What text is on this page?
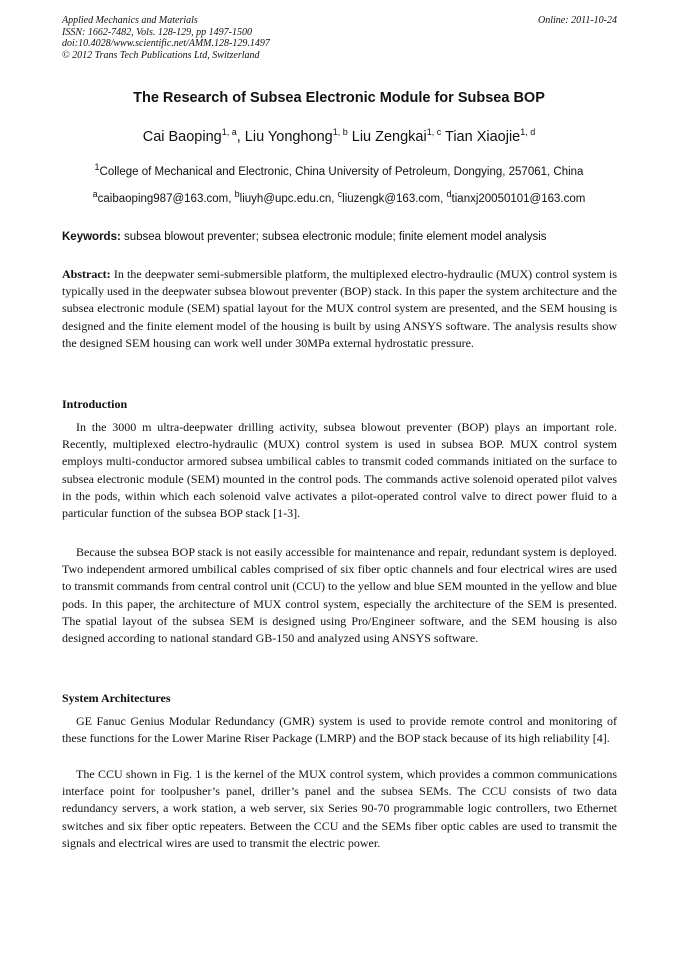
Applied Mechanics and Materials
ISSN: 1662-7482, Vols. 128-129, pp 1497-1500
doi:10.4028/www.scientific.net/AMM.128-129.1497
© 2012 Trans Tech Publications Ltd, Switzerland
Online: 2011-10-24
The Research of Subsea Electronic Module for Subsea BOP
Cai Baoping$^{1, a}$, Liu Yonghong$^{1, b}$ Liu Zengkai$^{1, c}$ Tian Xiaojie$^{1, d}$
$^1$College of Mechanical and Electronic, China University of Petroleum, Dongying, 257061, China
$^a$caibaoping987@163.com, $^b$liuyh@upc.edu.cn, $^c$liuzengk@163.com, $^d$tianxj20050101@163.com
Keywords: subsea blowout preventer; subsea electronic module; finite element model analysis
Abstract: In the deepwater semi-submersible platform, the multiplexed electro-hydraulic (MUX) control system is typically used in the deepwater subsea blowout preventer (BOP) stack. In this paper the system architecture and the subsea electronic module (SEM) spatial layout for the MUX control system are presented, and the SEM housing is designed and the finite element model of the housing is built by using ANSYS software. The analysis results show the designed SEM housing can work well under 30MPa external hydrostatic pressure.
Introduction
In the 3000 m ultra-deepwater drilling activity, subsea blowout preventer (BOP) plays an important role. Recently, multiplexed electro-hydraulic (MUX) control system is used in subsea BOP. MUX control system employs multi-conductor armored subsea umbilical cables to transmit coded commands initiated on the surface to subsea electronic module (SEM) mounted in the control pods. The commands active solenoid operated pilot valves in the pods, within which each solenoid valve activates a pilot-operated control valve to direct power fluid to a particular function of the subsea BOP stack [1-3].
Because the subsea BOP stack is not easily accessible for maintenance and repair, redundant system is deployed. Two independent armored umbilical cables comprised of six fiber optic channels and four electrical wires are used to transmit commands from central control unit (CCU) to the yellow and blue SEM mounted in the yellow and blue pods. In this paper, the architecture of MUX control system, especially the architecture of the SEM is presented. The spatial layout of the subsea SEM is designed using Pro/Engineer software, and the SEM housing is also designed according to national standard GB-150 and analyzed using ANSYS software.
System Architectures
GE Fanuc Genius Modular Redundancy (GMR) system is used to provide remote control and monitoring of these functions for the Lower Marine Riser Package (LMRP) and the BOP stack because of its high reliability [4].
The CCU shown in Fig. 1 is the kernel of the MUX control system, which provides a common communications interface point for toolpusher’s panel, driller’s panel and the subsea SEMs. The CCU consists of two data redundancy servers, a work station, a web server, six Series 90-70 programmable logic controllers, two Ethernet switches and six fiber optic repeaters. Between the CCU and the SEMs fiber optic cables are used to transmit the signals and electrical wires are used to transmit the electric power.
